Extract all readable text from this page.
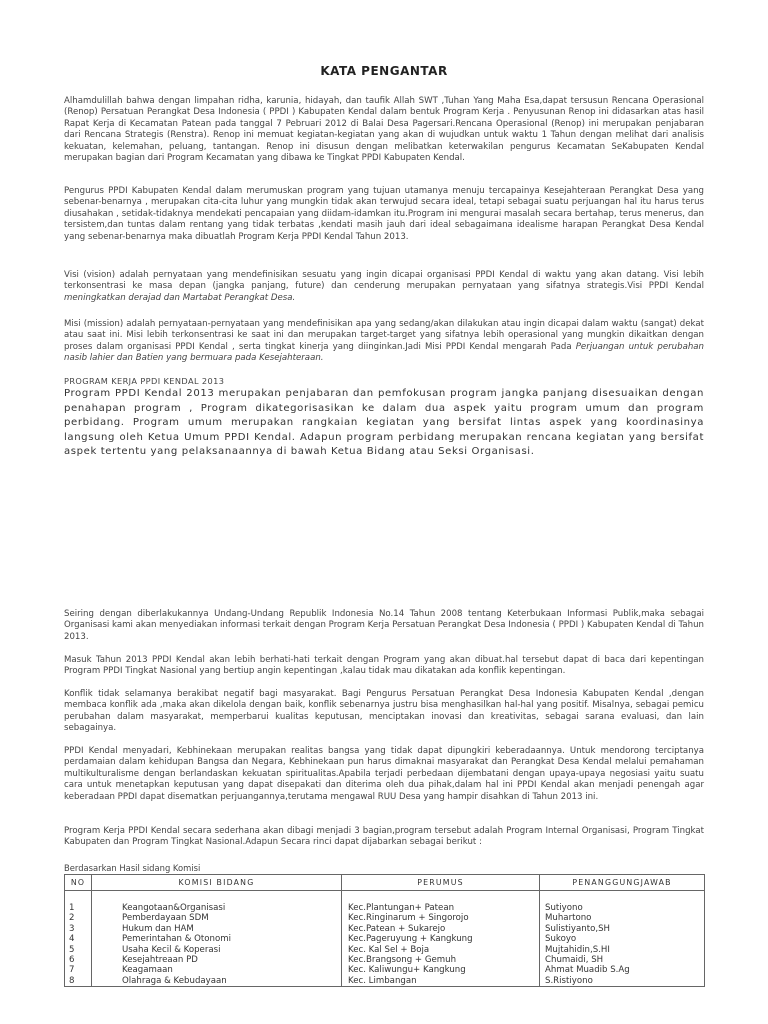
KATA PENGANTAR

Alhamdulillah bahwa dengan limpahan ridha, karunia, hidayah, dan taufik Allah SWT ,Tuhan Yang Maha Esa,dapat tersusun Rencana Operasional (Renop) Persatuan Perangkat Desa Indonesia ( PPDI ) Kabupaten Kendal dalam bentuk Program Kerja . Penyusunan Renop ini didasarkan atas hasil Rapat Kerja di Kecamatan Patean pada tanggal 7 Pebruari 2012 di Balai Desa Pagersari.Rencana Operasional (Renop) ini merupakan penjabaran dari Rencana Strategis (Renstra). Renop ini memuat kegiatan-kegiatan yang akan di wujudkan untuk waktu 1 Tahun dengan melihat dari analisis kekuatan, kelemahan, peluang, tantangan. Renop ini disusun dengan melibatkan keterwakilan pengurus Kecamatan SeKabupaten Kendal merupakan bagian dari Program Kecamatan yang dibawa ke Tingkat PPDI Kabupaten Kendal.

Pengurus PPDI Kabupaten Kendal dalam merumuskan program yang tujuan utamanya menuju tercapainya Kesejahteraan Perangkat Desa yang sebenar-benarnya , merupakan cita-cita luhur yang mungkin tidak akan terwujud secara ideal, tetapi sebagai suatu perjuangan hal itu harus terus diusahakan , setidak-tidaknya mendekati pencapaian yang diidam-idamkan itu.Program ini mengurai masalah secara bertahap, terus menerus, dan tersistem,dan tuntas dalam rentang yang tidak terbatas ,kendati masih jauh dari ideal sebagaimana idealisme harapan Perangkat Desa Kendal yang sebenar-benarnya maka dibuatlah Program Kerja PPDI Kendal Tahun 2013.

Visi (vision) adalah pernyataan yang mendefinisikan sesuatu yang ingin dicapai organisasi PPDI Kendal di waktu yang akan datang. Visi lebih terkonsentrasi ke masa depan (jangka panjang, future) dan cenderung merupakan pernyataan yang sifatnya strategis.Visi PPDI Kendal meningkatkan derajad dan Martabat Perangkat Desa.

Misi (mission) adalah pernyataan-pernyataan yang mendefinisikan apa yang sedang/akan dilakukan atau ingin dicapai dalam waktu (sangat) dekat atau saat ini. Misi lebih terkonsentrasi ke saat ini dan merupakan target-target yang sifatnya lebih operasional yang mungkin dikaitkan dengan proses dalam organisasi PPDI Kendal , serta tingkat kinerja yang diinginkan.Jadi Misi PPDI Kendal mengarah Pada Perjuangan untuk perubahan nasib lahier dan Batien yang bermuara pada Kesejahteraan.

PROGRAM KERJA PPDI KENDAL 2013

Program PPDI Kendal 2013 merupakan penjabaran dan pemfokusan program jangka panjang disesuaikan dengan penahapan program , Program dikategorisasikan ke dalam dua aspek yaitu program umum dan program perbidang. Program umum merupakan rangkaian kegiatan yang bersifat lintas aspek yang koordinasinya langsung oleh Ketua Umum PPDI Kendal. Adapun program perbidang merupakan rencana kegiatan yang bersifat aspek tertentu yang pelaksanaannya di bawah Ketua Bidang atau Seksi Organisasi.

Seiring dengan diberlakukannya Undang-Undang Republik Indonesia No.14 Tahun 2008 tentang Keterbukaan Informasi Publik,maka sebagai Organisasi kami akan menyediakan informasi terkait dengan Program Kerja Persatuan Perangkat Desa Indonesia ( PPDI ) Kabupaten Kendal di Tahun 2013.

Masuk Tahun 2013 PPDI Kendal akan lebih berhati-hati terkait dengan Program yang akan dibuat.hal tersebut dapat di baca dari kepentingan Program PPDI Tingkat Nasional yang bertiup angin kepentingan ,kalau tidak mau dikatakan ada konflik kepentingan.

Konflik tidak selamanya berakibat negatif bagi masyarakat. Bagi Pengurus Persatuan Perangkat Desa Indonesia Kabupaten Kendal ,dengan membaca konflik ada ,maka akan dikelola dengan baik, konflik sebenarnya justru bisa menghasilkan hal-hal yang positif. Misalnya, sebagai pemicu perubahan dalam masyarakat, memperbarui kualitas keputusan, menciptakan inovasi dan kreativitas, sebagai sarana evaluasi, dan lain sebagainya.

PPDI Kendal menyadari, Kebhinekaan merupakan realitas bangsa yang tidak dapat dipungkiri keberadaannya. Untuk mendorong terciptanya perdamaian dalam kehidupan Bangsa dan Negara, Kebhinekaan pun harus dimaknai masyarakat dan Perangkat Desa Kendal melalui pemahaman multikulturalisme dengan berlandaskan kekuatan spiritualitas.Apabila terjadi perbedaan dijembatani dengan upaya-upaya negosiasi yaitu suatu cara untuk menetapkan keputusan yang dapat disepakati dan diterima oleh dua pihak,dalam hal ini PPDI Kendal akan menjadi penengah agar keberadaan PPDI dapat disematkan perjuangannya,terutama mengawal RUU Desa yang hampir disahkan di Tahun 2013 ini.

Program Kerja PPDI Kendal secara sederhana akan dibagi menjadi 3 bagian,program tersebut adalah Program Internal Organisasi, Program Tingkat Kabupaten dan Program Tingkat Nasional.Adapun Secara rinci dapat dijabarkan sebagai berikut :

Berdasarkan Hasil sidang Komisi
NO	KOMISI BIDANG	PERUMUS	PENANGGUNGJAWAB

1	Keangotaan&Organisasi	Kec.Plantungan+ Patean	Sutiyono
2	Pemberdayaan SDM	Kec.Ringinarum + Singorojo	Muhartono
3	Hukum dan HAM	Kec.Patean + Sukarejo	Sulistiyanto,SH
4	Pemerintahan & Otonomi	Kec.Pageruyung + Kangkung	Sukoyo
5	Usaha Kecil & Koperasi	Kec. Kal Sel + Boja	Mujtahidin,S.HI
6	Kesejahtreaan PD	Kec.Brangsong + Gemuh	Chumaidi, SH
7	Keagamaan	Kec. Kaliwungu+ Kangkung	Ahmat Muadib S.Ag
8	Olahraga & Kebudayaan	Kec. Limbangan	S.Ristiyono
